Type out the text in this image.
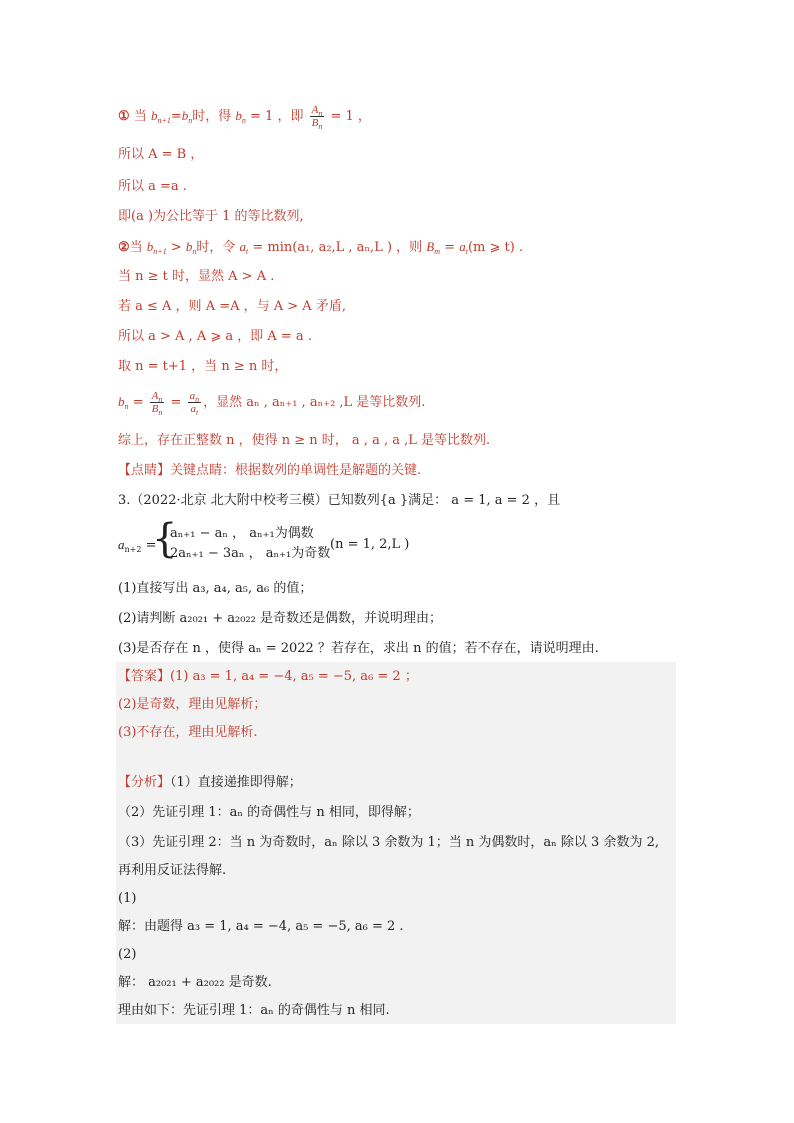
① 当 $b_{n+1}=b_n$时，得 $b_n = 1$ ，即 $\frac{A_n}{B_n} = 1$ ，
所以 A = B ，
所以 a =a .
即(a )为公比等于 1 的等比数列,
②当 $b_{n+1} > b_n$时，令 $a_t = \min(a_1$, a₂,L , aₙ,L ) ，则 $B_m = a_t(m$ ⩾ t) .
当 n ≥ t 时，显然 A > A .
若 a ≤ A ，则 A =A ，与 A > A 矛盾,
所以 a > A , A ⩾ a ，即 A = a .
取 n = t+1 ，当 n ≥ n 时，
$b_n = \frac{A_n}{B_n} = \frac{a_n}{a_t}$ ，显然 aₙ , aₙ₊₁ , aₙ₊₂ ,L 是等比数列.
综上，存在正整数 n ，使得 n ≥ n 时， a , a , a ,L 是等比数列.
【点睛】关键点睛：根据数列的单调性是解题的关键.
3.（2022·北京 北大附中校考三模）已知数列{a }满足： a = 1, a = 2 ，且
$a_{n+2}$ =
{
aₙ₊₁ − aₙ ， aₙ₊₁为偶数
2aₙ₊₁ − 3aₙ ， aₙ₊₁为奇数
(n = 1, 2,L )
(1)直接写出 a₃, a₄, a₅, a₆ 的值；
(2)请判断 a₂₀₂₁ + a₂₀₂₂ 是奇数还是偶数，并说明理由；
(3)是否存在 n ，使得 aₙ = 2022 ？若存在，求出 n 的值；若不存在，请说明理由.
【答案】(1) a₃ = 1, a₄ = −4, a₅ = −5, a₆ = 2 ；
(2)是奇数，理由见解析；
(3)不存在，理由见解析.
【分析】（1）直接递推即得解；
（2）先证引理 1：aₙ 的奇偶性与 n 相同，即得解；
（3）先证引理 2：当 n 为奇数时，aₙ 除以 3 余数为 1；当 n 为偶数时，aₙ 除以 3 余数为 2,
再利用反证法得解.
(1)
解：由题得 a₃ = 1, a₄ = −4, a₅ = −5, a₆ = 2 .
(2)
解： a₂₀₂₁ + a₂₀₂₂ 是奇数.
理由如下：先证引理 1：aₙ 的奇偶性与 n 相同.
